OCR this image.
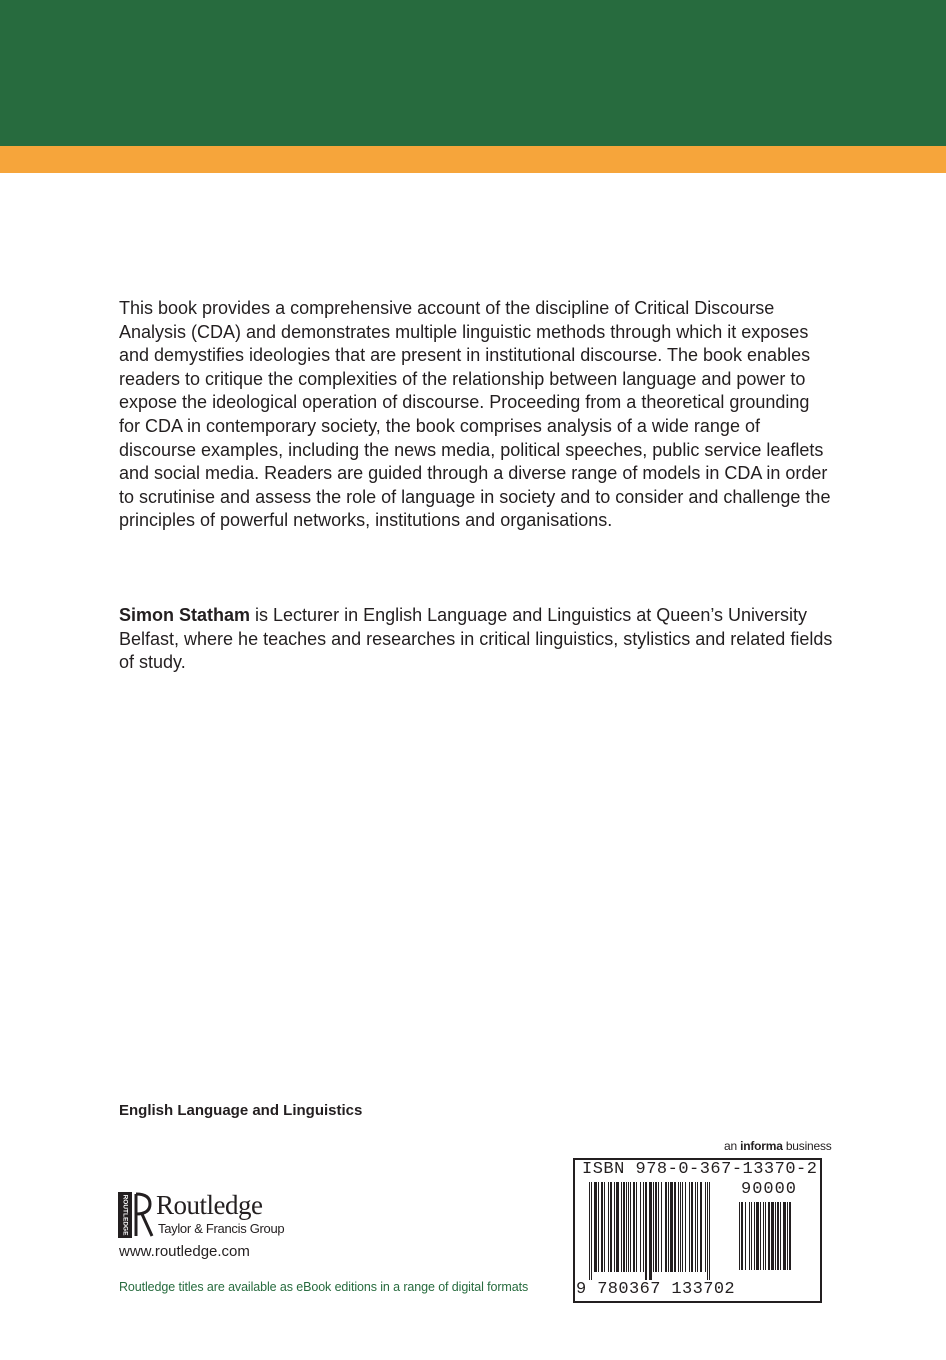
This book provides a comprehensive account of the discipline of Critical Discourse Analysis (CDA) and demonstrates multiple linguistic methods through which it exposes and demystifies ideologies that are present in institutional discourse. The book enables readers to critique the complexities of the relationship between language and power to expose the ideological operation of discourse. Proceeding from a theoretical grounding for CDA in contemporary society, the book comprises analysis of a wide range of discourse examples, including the news media, political speeches, public service leaflets and social media. Readers are guided through a diverse range of models in CDA in order to scrutinise and assess the role of language in society and to consider and challenge the principles of powerful networks, institutions and organisations.

Simon Statham is Lecturer in English Language and Linguistics at Queen’s University Belfast, where he teaches and researches in critical linguistics, stylistics and related fields of study.

English Language and Linguistics
an informa business
ROUTLEDGE Routledge
Taylor & Francis Group
www.routledge.com
Routledge titles are available as eBook editions in a range of digital formats
ISBN 978-0-367-13370-2
90000
9 780367 133702
